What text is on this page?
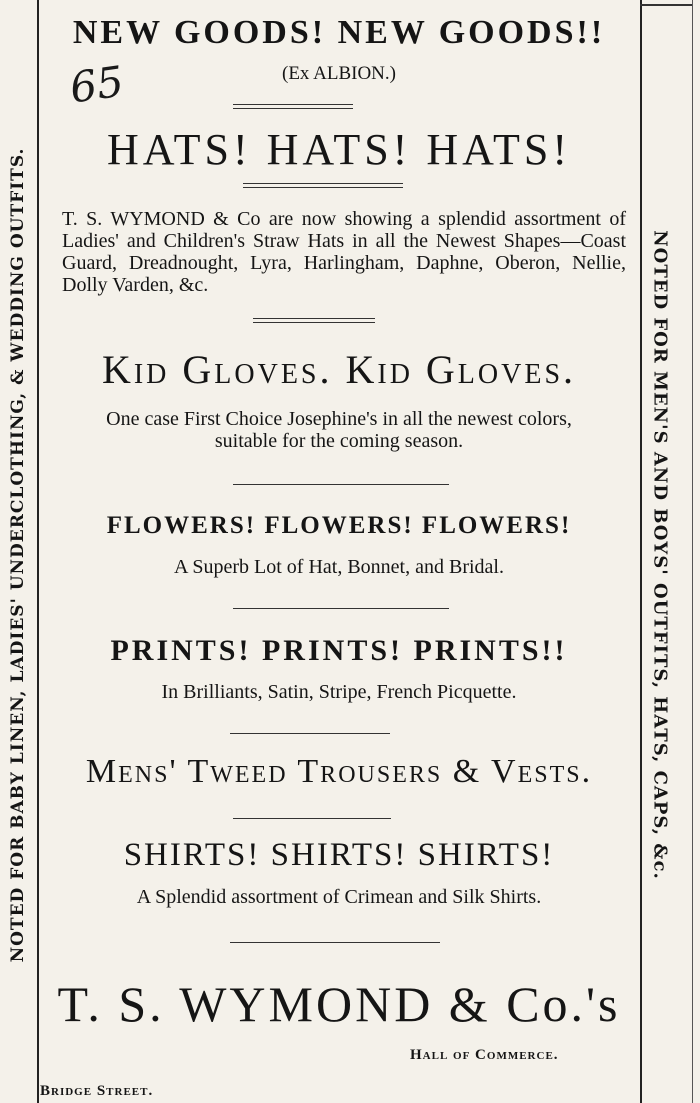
NOTED FOR BABY LINEN, LADIES' UNDERCLOTHING, & WEDDING OUTFITS.	NOTED FOR MEN'S AND BOYS' OUTFITS, HATS, CAPS, &c.
65
NEW GOODS! NEW GOODS!!
(Ex ALBION.)
HATS! HATS! HATS!
T. S. WYMOND & Co are now showing a splendid assortment of Ladies' and Children's Straw Hats in all the Newest Shapes—Coast Guard, Dreadnought, Lyra, Harlingham, Daphne, Oberon, Nellie, Dolly Varden, &c.
Kid Gloves. Kid Gloves.
One case First Choice Josephine's in all the newest colors, suitable for the coming season.
FLOWERS! FLOWERS! FLOWERS!
A Superb Lot of Hat, Bonnet, and Bridal.
PRINTS! PRINTS! PRINTS!!
In Brilliants, Satin, Stripe, French Picquette.
Mens' Tweed Trousers & Vests.
SHIRTS! SHIRTS! SHIRTS!
A Splendid assortment of Crimean and Silk Shirts.
T. S. WYMOND & Co.'s
Hall of Commerce.
Bridge Street.
